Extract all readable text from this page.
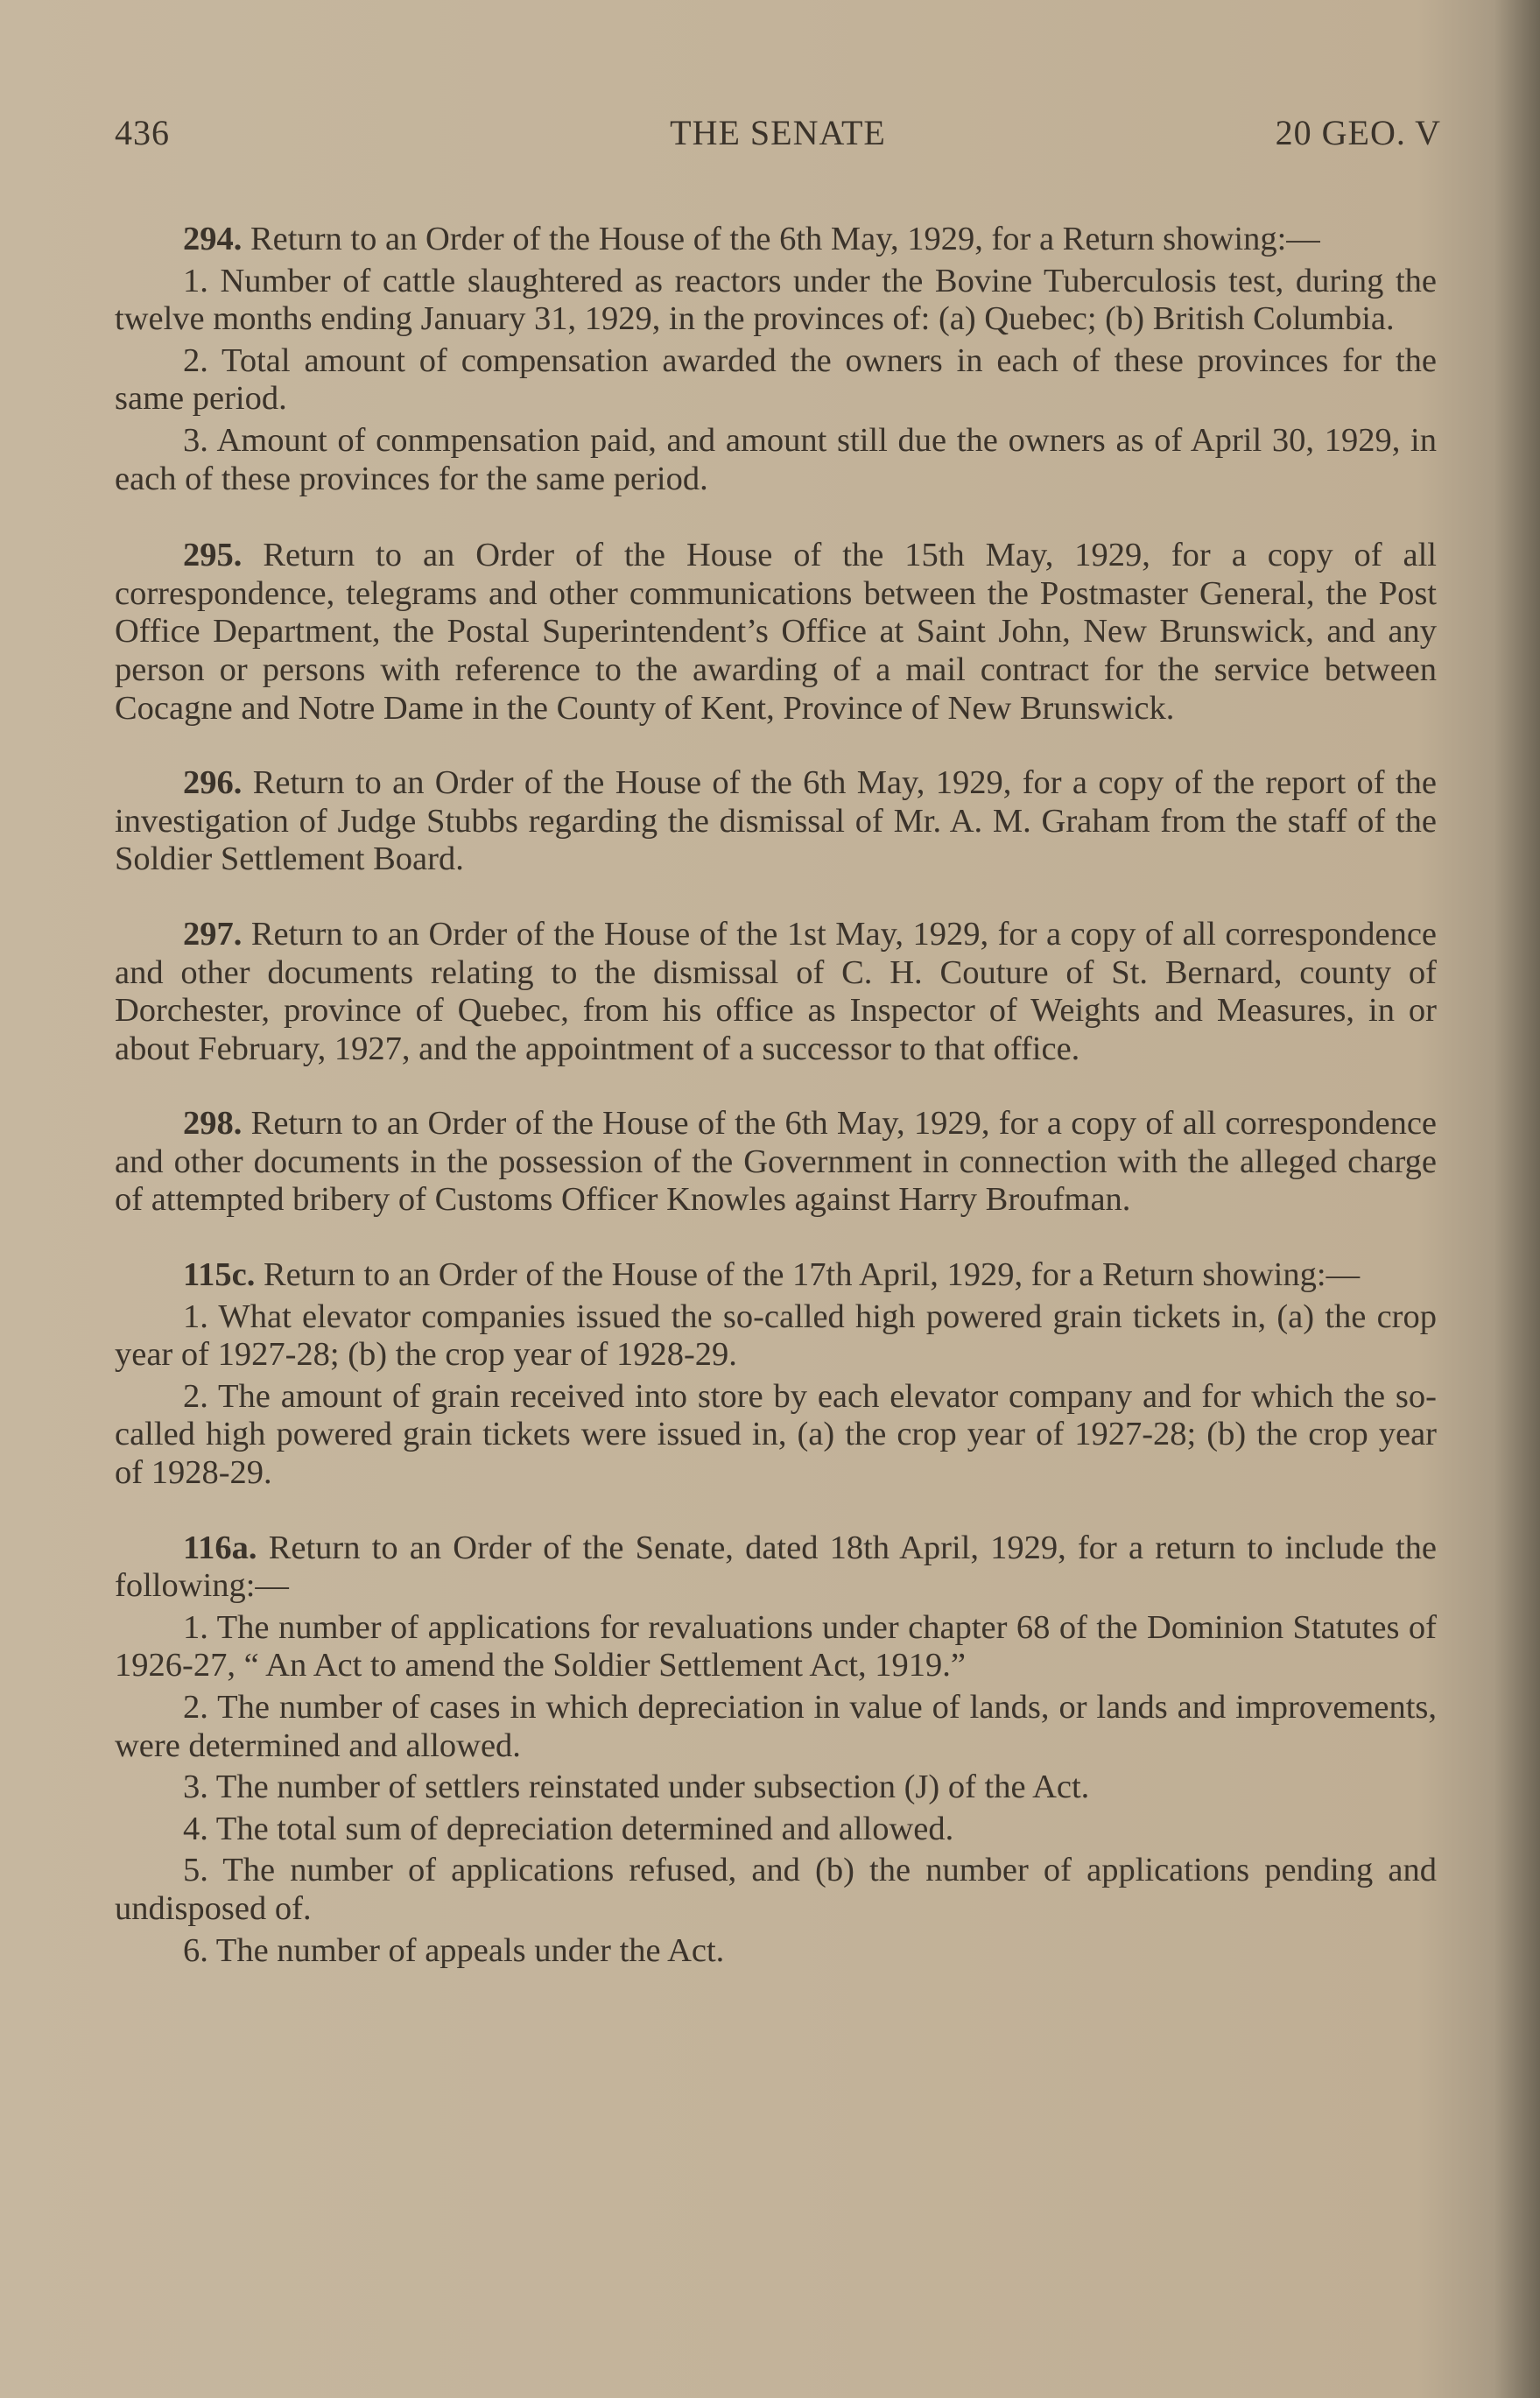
436	THE SENATE	20 GEO. V

294. Return to an Order of the House of the 6th May, 1929, for a Return showing:—

1. Number of cattle slaughtered as reactors under the Bovine Tuberculosis test, during the twelve months ending January 31, 1929, in the provinces of: (a) Quebec; (b) British Columbia.

2. Total amount of compensation awarded the owners in each of these provinces for the same period.

3. Amount of conmpensation paid, and amount still due the owners as of April 30, 1929, in each of these provinces for the same period.

295. Return to an Order of the House of the 15th May, 1929, for a copy of all correspondence, telegrams and other communications between the Postmaster General, the Post Office Department, the Postal Superintendent’s Office at Saint John, New Brunswick, and any person or persons with reference to the awarding of a mail contract for the service between Cocagne and Notre Dame in the County of Kent, Province of New Brunswick.

296. Return to an Order of the House of the 6th May, 1929, for a copy of the report of the investigation of Judge Stubbs regarding the dismissal of Mr. A. M. Graham from the staff of the Soldier Settlement Board.

297. Return to an Order of the House of the 1st May, 1929, for a copy of all correspondence and other documents relating to the dismissal of C. H. Couture of St. Bernard, county of Dorchester, province of Quebec, from his office as Inspector of Weights and Measures, in or about February, 1927, and the appointment of a successor to that office.

298. Return to an Order of the House of the 6th May, 1929, for a copy of all correspondence and other documents in the possession of the Government in connection with the alleged charge of attempted bribery of Customs Officer Knowles against Harry Broufman.

115c. Return to an Order of the House of the 17th April, 1929, for a Return showing:—

1. What elevator companies issued the so-called high powered grain tickets in, (a) the crop year of 1927-28; (b) the crop year of 1928-29.

2. The amount of grain received into store by each elevator company and for which the so-called high powered grain tickets were issued in, (a) the crop year of 1927-28; (b) the crop year of 1928-29.

116a. Return to an Order of the Senate, dated 18th April, 1929, for a return to include the following:—

1. The number of applications for revaluations under chapter 68 of the Dominion Statutes of 1926-27, “ An Act to amend the Soldier Settlement Act, 1919.”

2. The number of cases in which depreciation in value of lands, or lands and improvements, were determined and allowed.

3. The number of settlers reinstated under subsection (J) of the Act.

4. The total sum of depreciation determined and allowed.

5. The number of applications refused, and (b) the number of applications pending and undisposed of.

6. The number of appeals under the Act.
